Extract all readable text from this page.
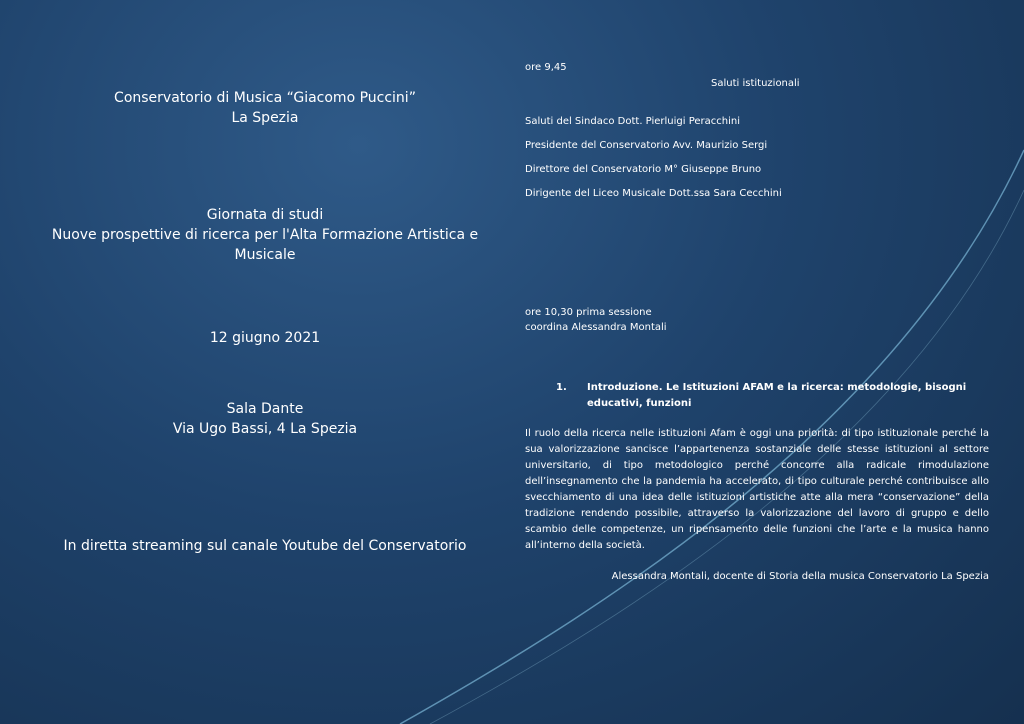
Conservatorio di Musica “Giacomo Puccini”
La Spezia
Giornata di studi
Nuove prospettive di ricerca per l'Alta Formazione Artistica e Musicale
12 giugno 2021
Sala Dante
Via Ugo Bassi, 4 La Spezia
In diretta streaming sul canale Youtube del Conservatorio
ore 9,45
Saluti istituzionali
Saluti del Sindaco Dott. Pierluigi Peracchini
Presidente del Conservatorio Avv. Maurizio Sergi
Direttore del Conservatorio M° Giuseppe Bruno
Dirigente del Liceo Musicale Dott.ssa Sara Cecchini
ore 10,30 prima sessione
coordina Alessandra Montali
1. Introduzione. Le Istituzioni AFAM e la ricerca: metodologie, bisogni educativi, funzioni
Il ruolo della ricerca nelle istituzioni Afam è oggi una priorità: di tipo istituzionale perché la sua valorizzazione sancisce l’appartenenza sostanziale delle stesse istituzioni al settore universitario, di tipo metodologico perché concorre alla radicale rimodulazione dell’insegnamento che la pandemia ha accelerato, di tipo culturale perché contribuisce allo svecchiamento di una idea delle istituzioni artistiche atte alla mera “conservazione” della tradizione rendendo possibile, attraverso la valorizzazione del lavoro di gruppo e dello scambio delle competenze, un ripensamento delle funzioni che l’arte e la musica hanno all’interno della società.
Alessandra Montali, docente di Storia della musica Conservatorio La Spezia
